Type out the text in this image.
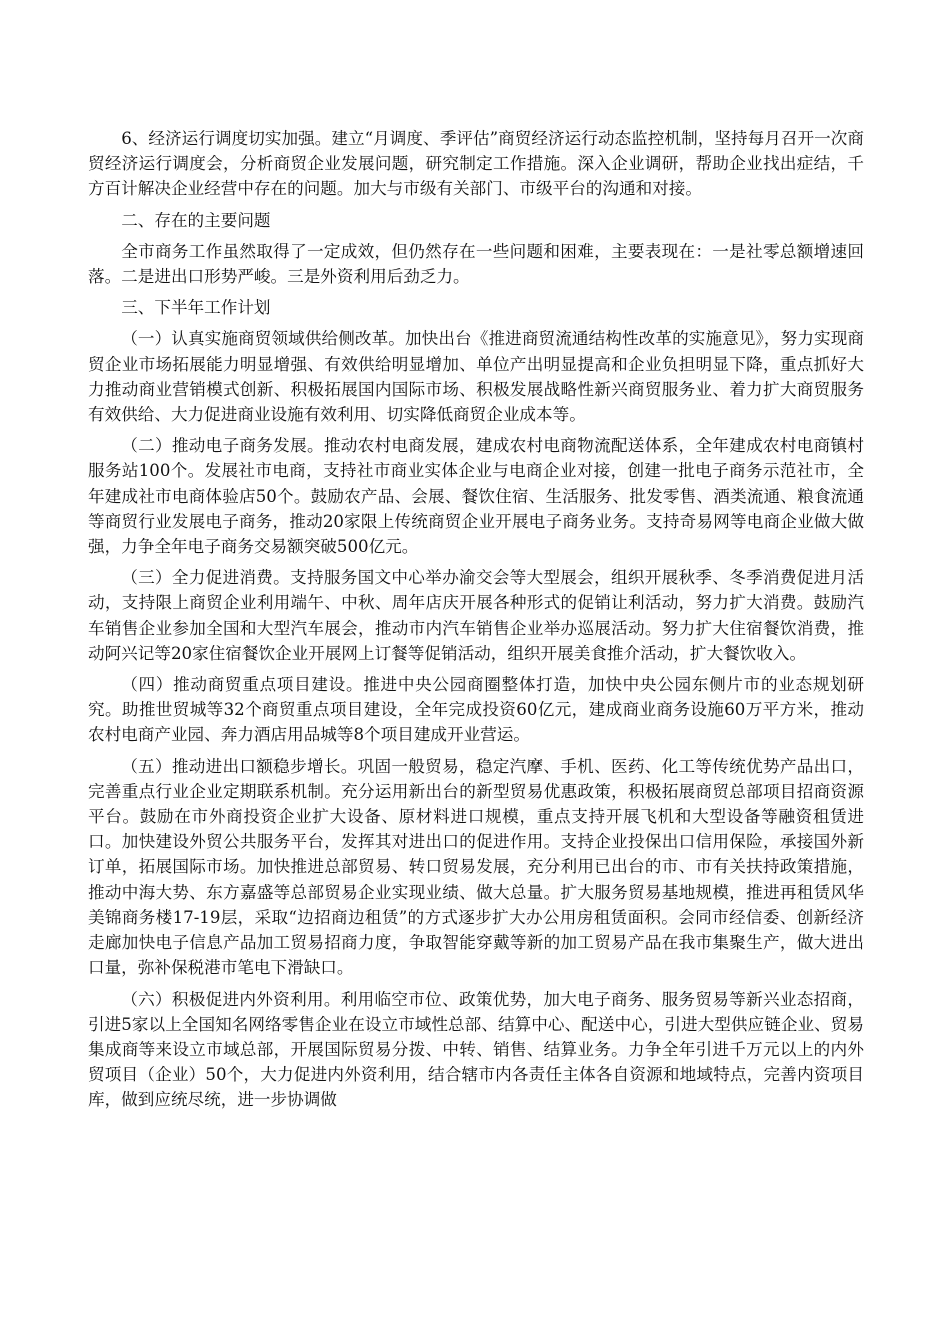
6、经济运行调度切实加强。建立“月调度、季评估”商贸经济运行动态监控机制，坚持每月召开一次商贸经济运行调度会，分析商贸企业发展问题，研究制定工作措施。深入企业调研，帮助企业找出症结，千方百计解决企业经营中存在的问题。加大与市级有关部门、市级平台的沟通和对接。

二、存在的主要问题

全市商务工作虽然取得了一定成效，但仍然存在一些问题和困难，主要表现在：一是社零总额增速回落。二是进出口形势严峻。三是外资利用后劲乏力。

三、下半年工作计划

（一）认真实施商贸领域供给侧改革。加快出台《推进商贸流通结构性改革的实施意见》，努力实现商贸企业市场拓展能力明显增强、有效供给明显增加、单位产出明显提高和企业负担明显下降，重点抓好大力推动商业营销模式创新、积极拓展国内国际市场、积极发展战略性新兴商贸服务业、着力扩大商贸服务有效供给、大力促进商业设施有效利用、切实降低商贸企业成本等。

（二）推动电子商务发展。推动农村电商发展，建成农村电商物流配送体系，全年建成农村电商镇村服务站100个。发展社市电商，支持社市商业实体企业与电商企业对接，创建一批电子商务示范社市，全年建成社市电商体验店50个。鼓励农产品、会展、餐饮住宿、生活服务、批发零售、酒类流通、粮食流通等商贸行业发展电子商务，推动20家限上传统商贸企业开展电子商务业务。支持奇易网等电商企业做大做强，力争全年电子商务交易额突破500亿元。

（三）全力促进消费。支持服务国文中心举办渝交会等大型展会，组织开展秋季、冬季消费促进月活动，支持限上商贸企业利用端午、中秋、周年店庆开展各种形式的促销让利活动，努力扩大消费。鼓励汽车销售企业参加全国和大型汽车展会，推动市内汽车销售企业举办巡展活动。努力扩大住宿餐饮消费，推动阿兴记等20家住宿餐饮企业开展网上订餐等促销活动，组织开展美食推介活动，扩大餐饮收入。

（四）推动商贸重点项目建设。推进中央公园商圈整体打造，加快中央公园东侧片市的业态规划研究。助推世贸城等32个商贸重点项目建设，全年完成投资60亿元，建成商业商务设施60万平方米，推动农村电商产业园、奔力酒店用品城等8个项目建成开业营运。

（五）推动进出口额稳步增长。巩固一般贸易，稳定汽摩、手机、医药、化工等传统优势产品出口，完善重点行业企业定期联系机制。充分运用新出台的新型贸易优惠政策，积极拓展商贸总部项目招商资源平台。鼓励在市外商投资企业扩大设备、原材料进口规模，重点支持开展飞机和大型设备等融资租赁进口。加快建设外贸公共服务平台，发挥其对进出口的促进作用。支持企业投保出口信用保险，承接国外新订单，拓展国际市场。加快推进总部贸易、转口贸易发展，充分利用已出台的市、市有关扶持政策措施，推动中海大势、东方嘉盛等总部贸易企业实现业绩、做大总量。扩大服务贸易基地规模，推进再租赁风华美锦商务楼17-19层，采取“边招商边租赁”的方式逐步扩大办公用房租赁面积。会同市经信委、创新经济走廊加快电子信息产品加工贸易招商力度，争取智能穿戴等新的加工贸易产品在我市集聚生产，做大进出口量，弥补保税港市笔电下滑缺口。

（六）积极促进内外资利用。利用临空市位、政策优势，加大电子商务、服务贸易等新兴业态招商，引进5家以上全国知名网络零售企业在设立市域性总部、结算中心、配送中心，引进大型供应链企业、贸易集成商等来设立市域总部，开展国际贸易分拨、中转、销售、结算业务。力争全年引进千万元以上的内外贸项目（企业）50个，大力促进内外资利用，结合辖市内各责任主体各自资源和地域特点，完善内资项目库，做到应统尽统，进一步协调做
